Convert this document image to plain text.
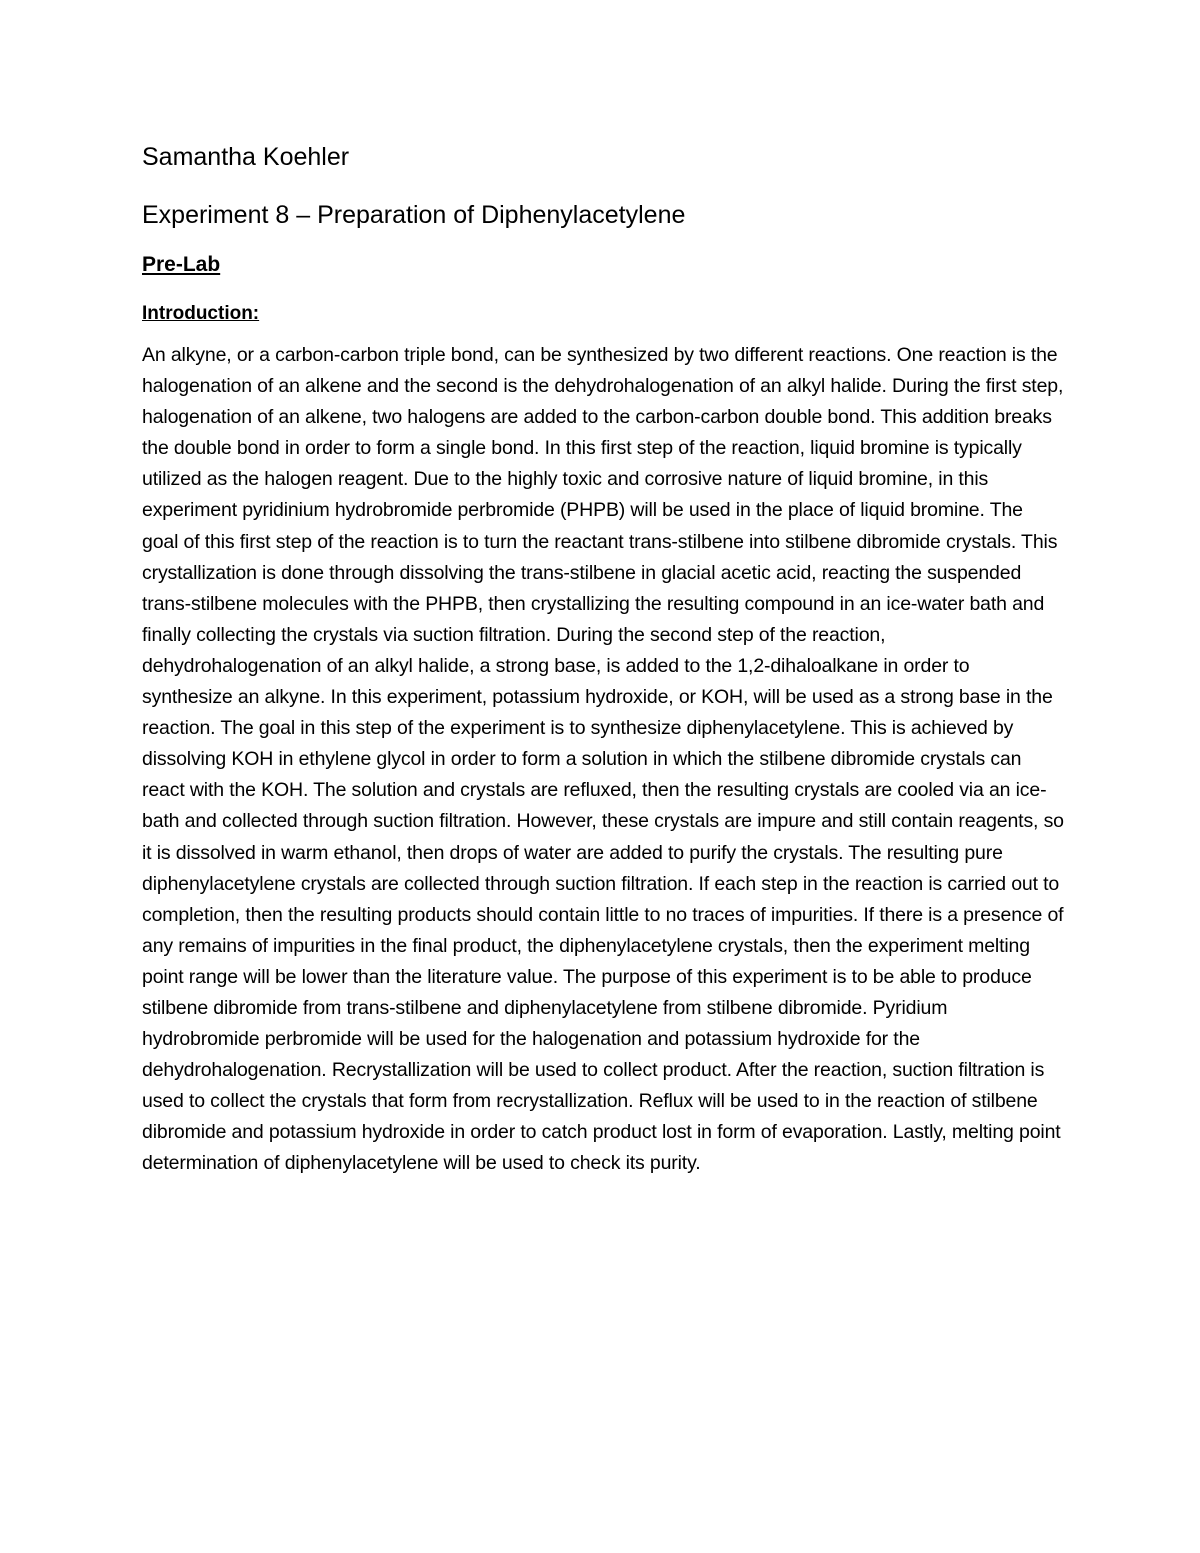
Samantha Koehler
Experiment 8 – Preparation of Diphenylacetylene
Pre-Lab
Introduction:

An alkyne, or a carbon-carbon triple bond, can be synthesized by two different reactions. One reaction is the halogenation of an alkene and the second is the dehydrohalogenation of an alkyl halide. During the first step, halogenation of an alkene, two halogens are added to the carbon-carbon double bond. This addition breaks the double bond in order to form a single bond. In this first step of the reaction, liquid bromine is typically utilized as the halogen reagent. Due to the highly toxic and corrosive nature of liquid bromine, in this experiment pyridinium hydrobromide perbromide (PHPB) will be used in the place of liquid bromine. The goal of this first step of the reaction is to turn the reactant trans-stilbene into stilbene dibromide crystals. This crystallization is done through dissolving the trans-stilbene in glacial acetic acid, reacting the suspended trans-stilbene molecules with the PHPB, then crystallizing the resulting compound in an ice-water bath and finally collecting the crystals via suction filtration. During the second step of the reaction, dehydrohalogenation of an alkyl halide, a strong base, is added to the 1,2-dihaloalkane in order to synthesize an alkyne. In this experiment, potassium hydroxide, or KOH, will be used as a strong base in the reaction. The goal in this step of the experiment is to synthesize diphenylacetylene. This is achieved by dissolving KOH in ethylene glycol in order to form a solution in which the stilbene dibromide crystals can react with the KOH. The solution and crystals are refluxed, then the resulting crystals are cooled via an ice-bath and collected through suction filtration. However, these crystals are impure and still contain reagents, so it is dissolved in warm ethanol, then drops of water are added to purify the crystals. The resulting pure diphenylacetylene crystals are collected through suction filtration. If each step in the reaction is carried out to completion, then the resulting products should contain little to no traces of impurities. If there is a presence of any remains of impurities in the final product, the diphenylacetylene crystals, then the experiment melting point range will be lower than the literature value. The purpose of this experiment is to be able to produce stilbene dibromide from trans-stilbene and diphenylacetylene from stilbene dibromide. Pyridium hydrobromide perbromide will be used for the halogenation and potassium hydroxide for the dehydrohalogenation. Recrystallization will be used to collect product. After the reaction, suction filtration is used to collect the crystals that form from recrystallization. Reflux will be used to in the reaction of stilbene dibromide and potassium hydroxide in order to catch product lost in form of evaporation. Lastly, melting point determination of diphenylacetylene will be used to check its purity.
